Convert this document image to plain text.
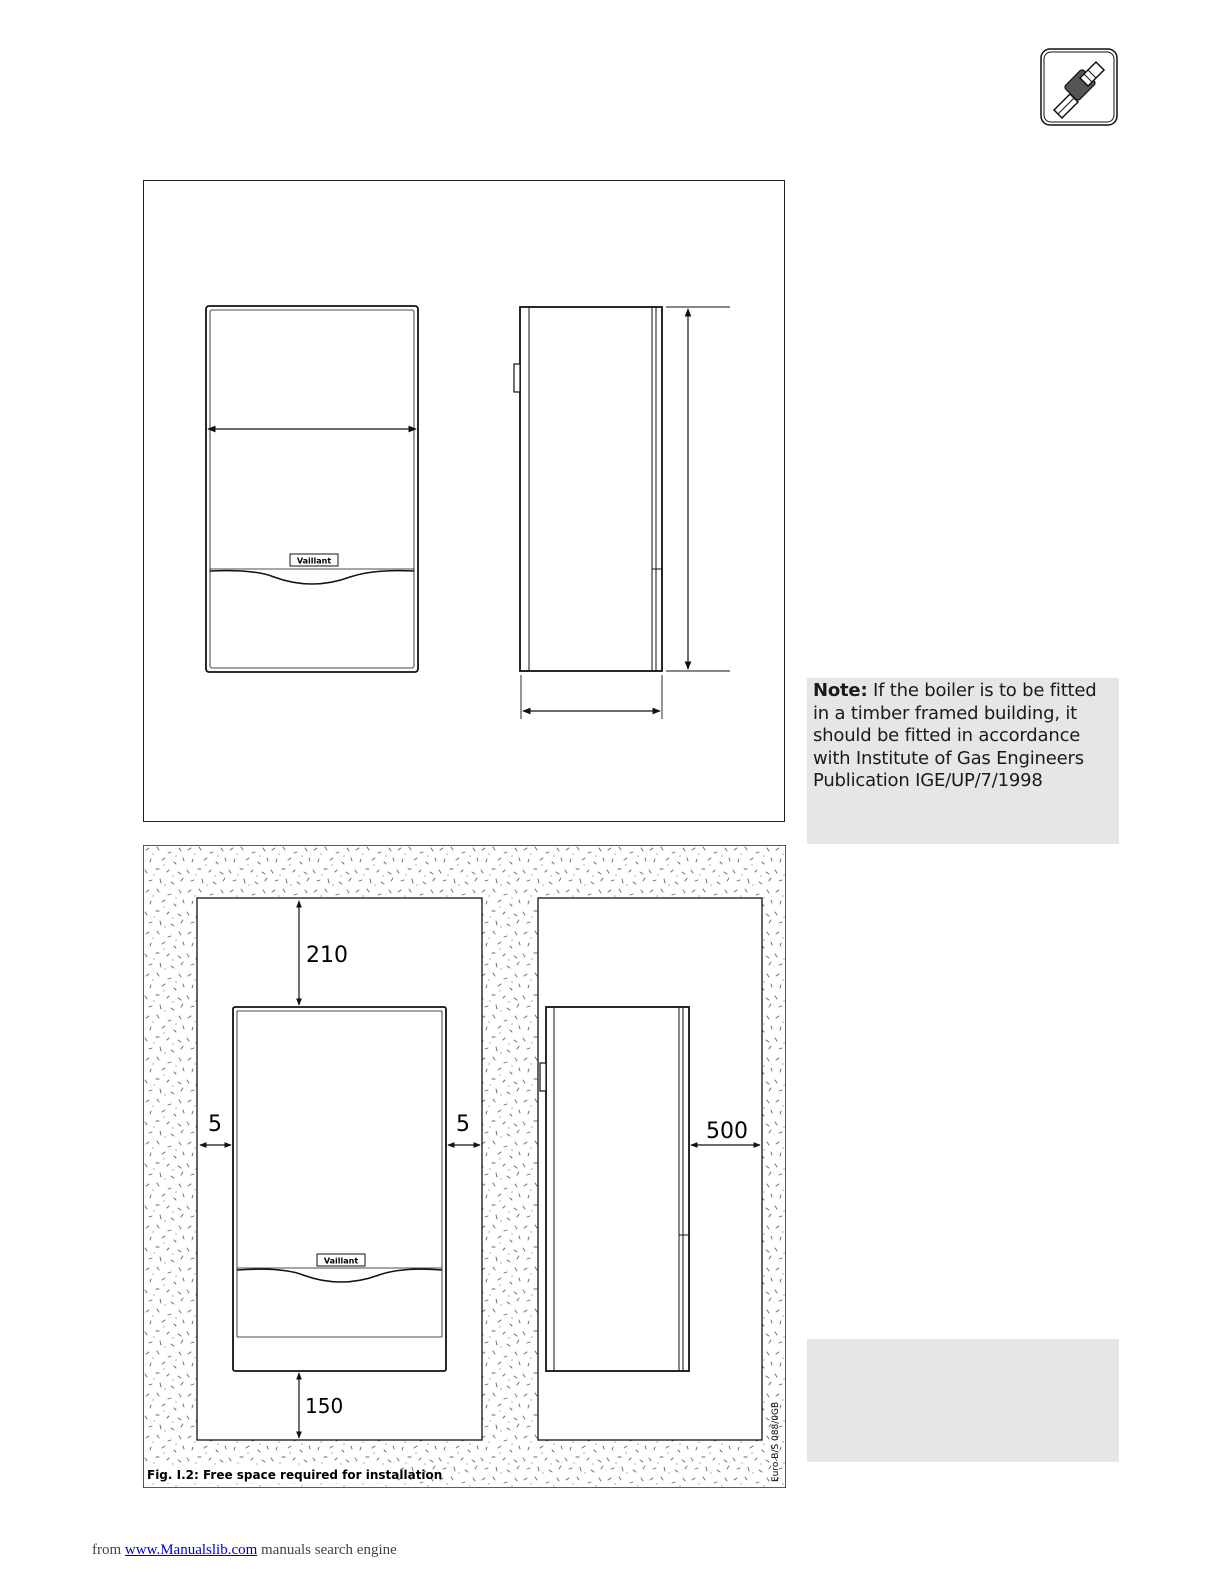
Vaillant
Note: If the boiler is to be fitted in a timber framed building, it should be fitted in accordance with Institute of Gas Engineers Publication IGE/UP/7/1998
Vaillant
210
5	5	500
150	Euro B/S 088/0GB
Fig. I.2: Free space required for installation
from www.Manualslib.com manuals search engine
